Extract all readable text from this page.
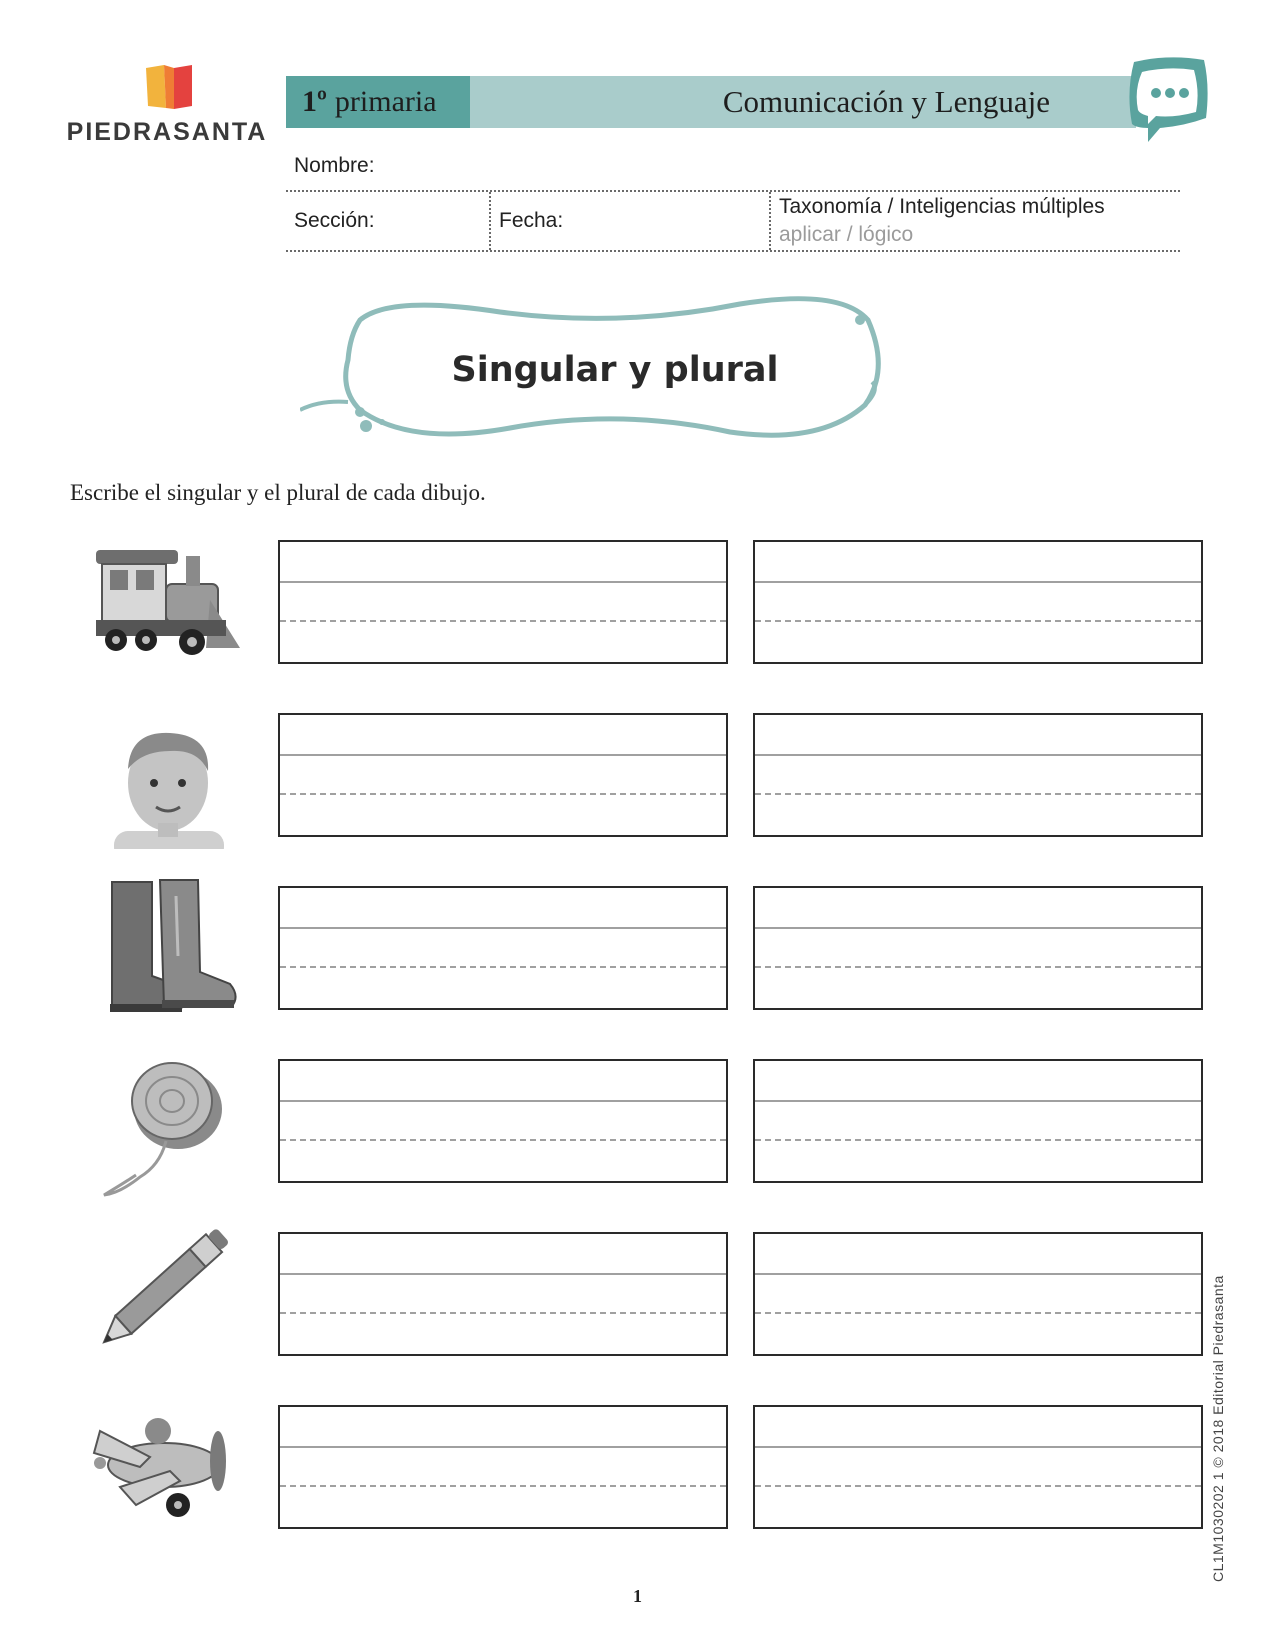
PIEDRASANTA
1º primaria	Comunicación y Lenguaje
Nombre:
Sección:	Fecha:
Taxonomía / Inteligencias múltiples
aplicar / lógico
Singular y plural
Escribe el singular y el plural de cada dibujo.
CL1M1030202 1 © 2018 Editorial Piedrasanta
1
